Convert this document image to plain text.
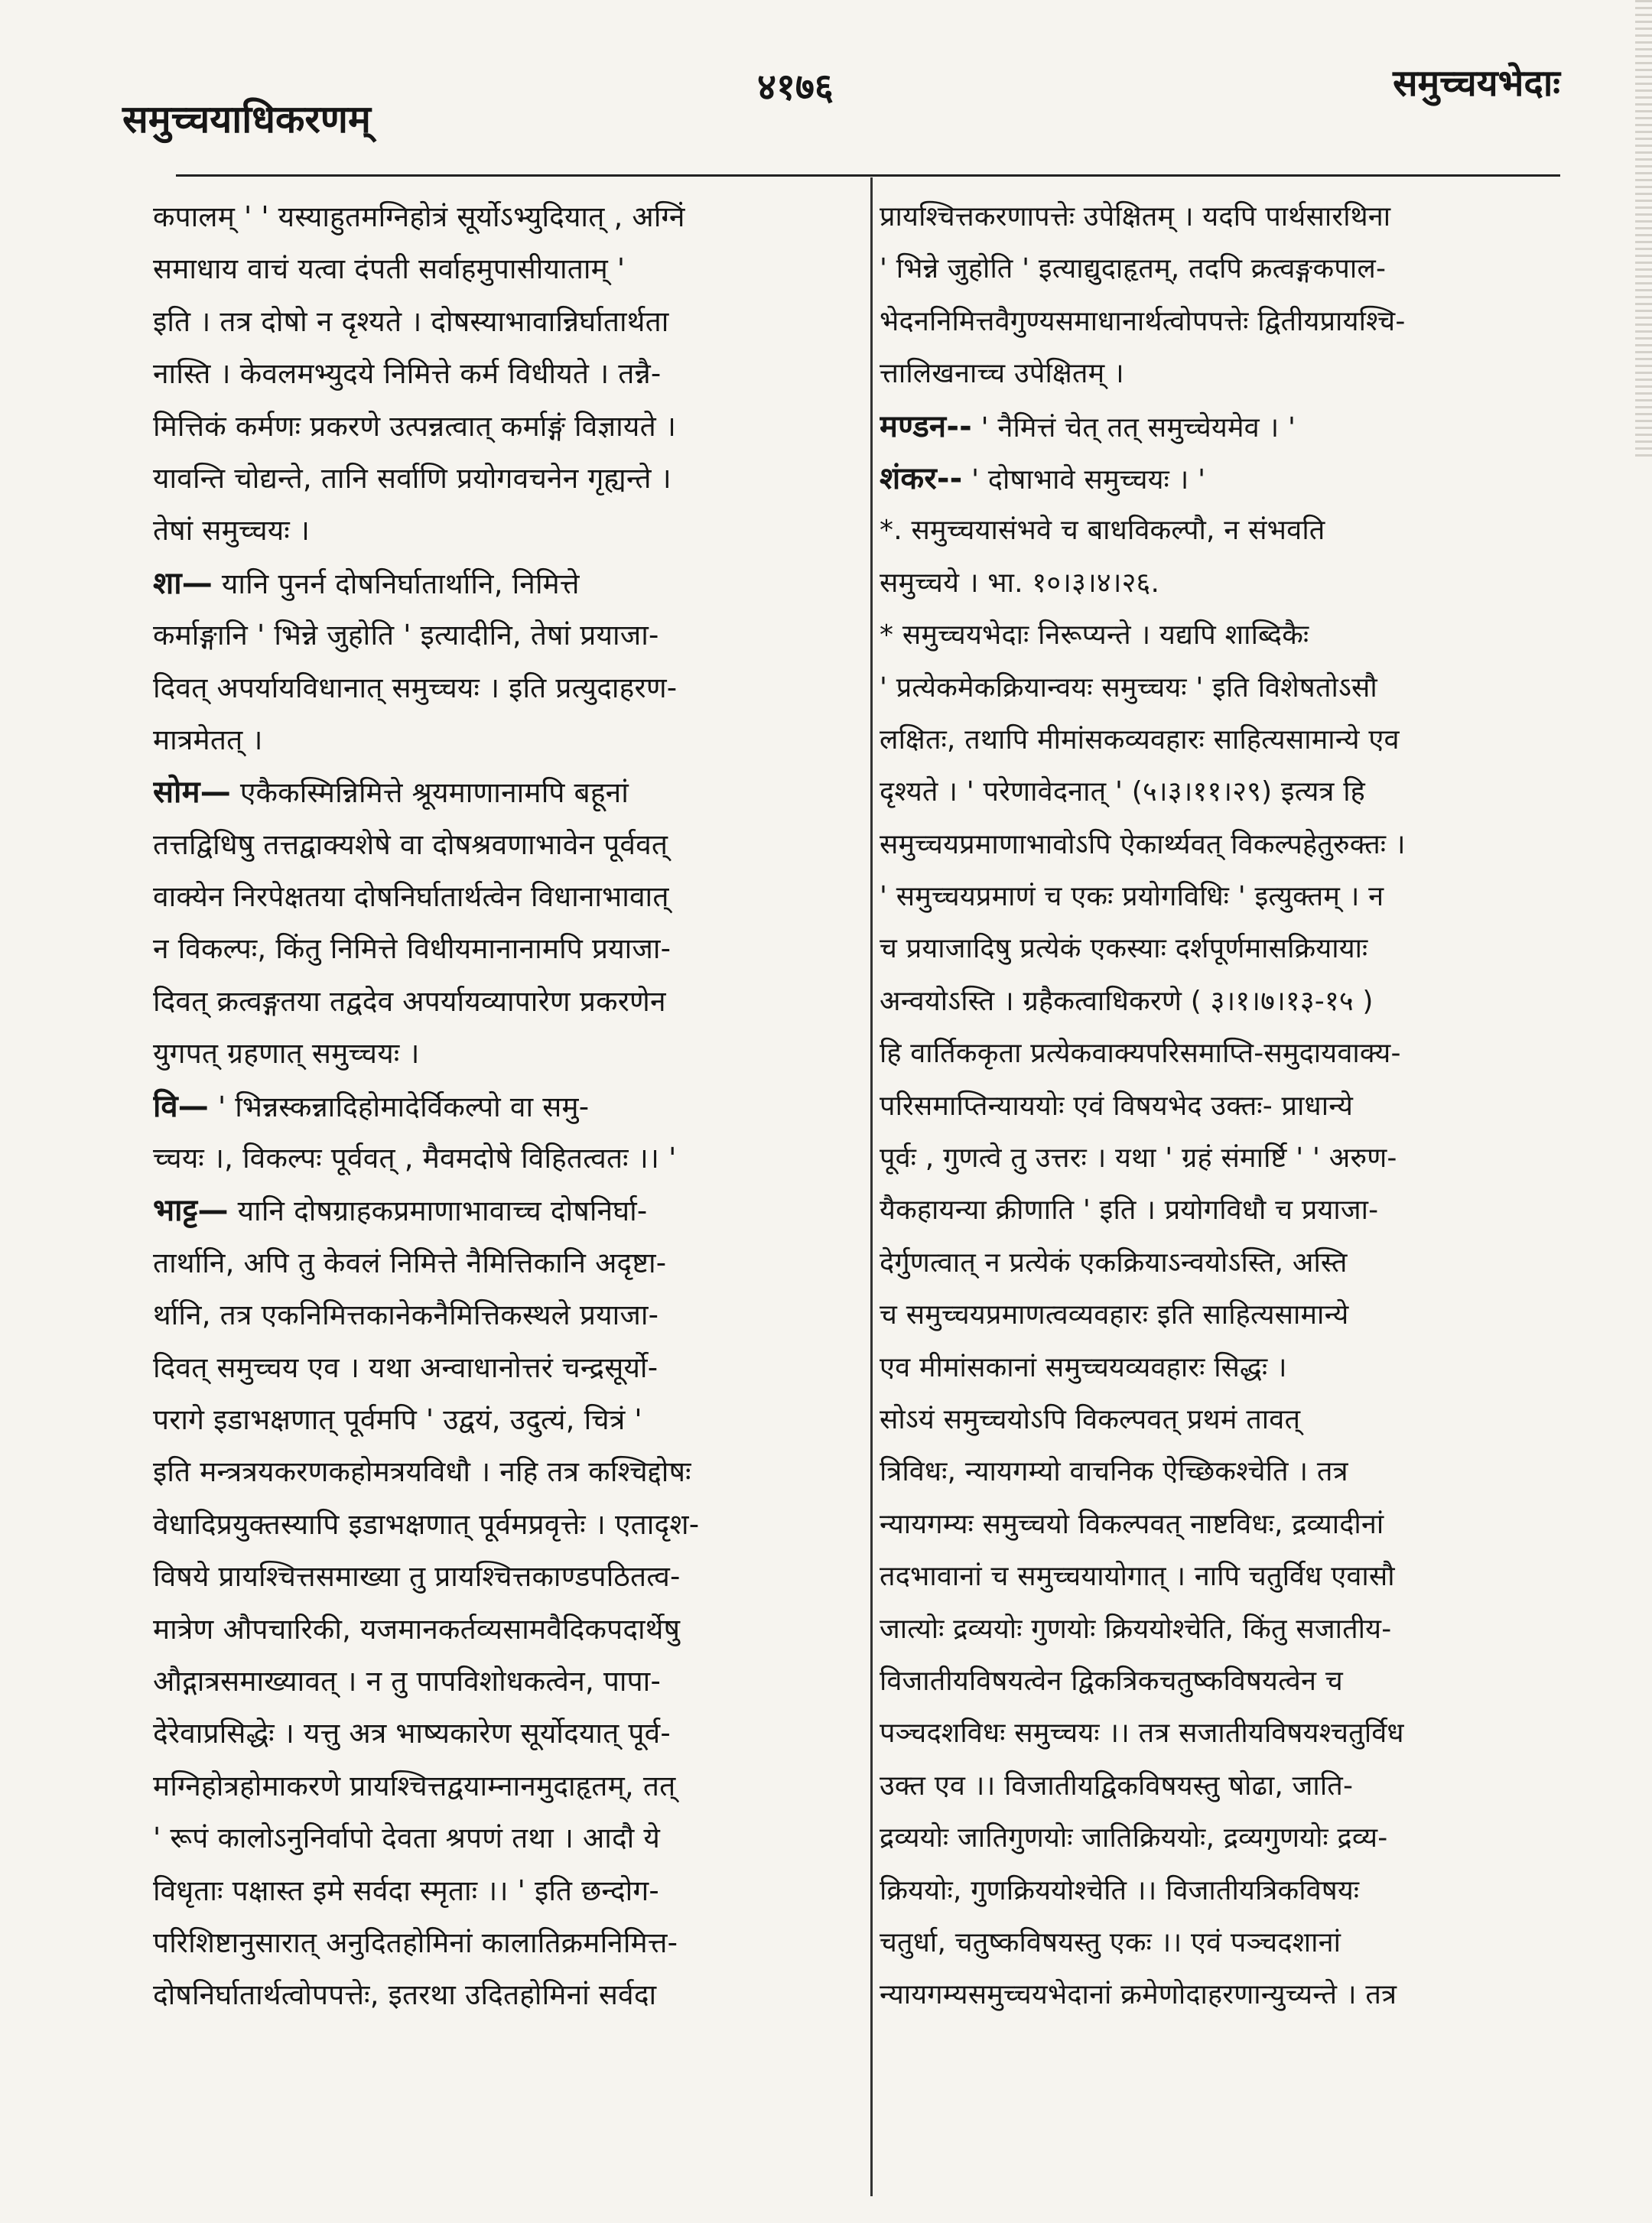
समुच्चयाधिकरणम्
४१७६	समुच्चयभेदाः
कपालम् ' ' यस्याहुतमग्निहोत्रं सूर्योऽभ्युदियात् , अग्निं
समाधाय वाचं यत्वा दंपती सर्वाहमुपासीयाताम् '
इति । तत्र दोषो न दृश्यते । दोषस्याभावान्निर्घातार्थता
नास्ति । केवलमभ्युदये निमित्ते कर्म विधीयते । तन्नै-
मित्तिकं कर्मणः प्रकरणे उत्पन्नत्वात् कर्माङ्गं विज्ञायते ।
यावन्ति चोद्यन्ते, तानि सर्वाणि प्रयोगवचनेन गृह्यन्ते ।
तेषां समुच्चयः ।
शा— यानि पुनर्न दोषनिर्घातार्थानि, निमित्ते
कर्माङ्गानि ' भिन्ने जुहोति ' इत्यादीनि, तेषां प्रयाजा-
दिवत् अपर्यायविधानात् समुच्चयः । इति प्रत्युदाहरण-
मात्रमेतत् ।
सोम— एकैकस्मिन्निमित्ते श्रूयमाणानामपि बहूनां
तत्तद्विधिषु तत्तद्वाक्यशेषे वा दोषश्रवणाभावेन पूर्ववत्
वाक्येन निरपेक्षतया दोषनिर्घातार्थत्वेन विधानाभावात्
न विकल्पः, किंतु निमित्ते विधीयमानानामपि प्रयाजा-
दिवत् क्रत्वङ्गतया तद्वदेव अपर्यायव्यापारेण प्रकरणेन
युगपत् ग्रहणात् समुच्चयः ।
वि— ' भिन्नस्कन्नादिहोमादेर्विकल्पो वा समु-
च्चयः ।, विकल्पः पूर्ववत् , मैवमदोषे विहितत्वतः ।। '
भाट्ट— यानि दोषग्राहकप्रमाणाभावाच्च दोषनिर्घा-
तार्थानि, अपि तु केवलं निमित्ते नैमित्तिकानि अदृष्टा-
र्थानि, तत्र एकनिमित्तकानेकनैमित्तिकस्थले प्रयाजा-
दिवत् समुच्चय एव । यथा अन्वाधानोत्तरं चन्द्रसूर्यो-
परागे इडाभक्षणात् पूर्वमपि ' उद्वयं, उदुत्यं, चित्रं '
इति मन्त्रत्रयकरणकहोमत्रयविधौ । नहि तत्र कश्चिद्दोषः
वेधादिप्रयुक्तस्यापि इडाभक्षणात् पूर्वमप्रवृत्तेः । एतादृश-
विषये प्रायश्चित्तसमाख्या तु प्रायश्चित्तकाण्डपठितत्व-
मात्रेण औपचारिकी, यजमानकर्तव्यसामवैदिकपदार्थेषु
औद्गात्रसमाख्यावत् । न तु पापविशोधकत्वेन, पापा-
देरेवाप्रसिद्धेः । यत्तु अत्र भाष्यकारेण सूर्योदयात् पूर्व-
मग्निहोत्रहोमाकरणे प्रायश्चित्तद्वयाम्नानमुदाहृतम्, तत्
' रूपं कालोऽनुनिर्वापो देवता श्रपणं तथा । आदौ ये
विधृताः पक्षास्त इमे सर्वदा स्मृताः ।। ' इति छन्दोग-
परिशिष्टानुसारात् अनुदितहोमिनां कालातिक्रमनिमित्त-
दोषनिर्घातार्थत्वोपपत्तेः, इतरथा उदितहोमिनां सर्वदा
प्रायश्चित्तकरणापत्तेः उपेक्षितम् । यदपि पार्थसारथिना
' भिन्ने जुहोति ' इत्याद्युदाहृतम्, तदपि क्रत्वङ्गकपाल-
भेदननिमित्तवैगुण्यसमाधानार्थत्वोपपत्तेः द्वितीयप्रायश्चि-
त्तालिखनाच्च उपेक्षितम् ।
मण्डन-- ' नैमित्तं चेत् तत् समुच्चेयमेव । '
शंकर-- ' दोषाभावे समुच्चयः । '
*. समुच्चयासंभवे च बाधविकल्पौ, न संभवति
समुच्चये । भा. १०।३।४।२६.
* समुच्चयभेदाः निरूप्यन्ते । यद्यपि शाब्दिकैः
' प्रत्येकमेकक्रियान्वयः समुच्चयः ' इति विशेषतोऽसौ
लक्षितः, तथापि मीमांसकव्यवहारः साहित्यसामान्ये एव
दृश्यते । ' परेणावेदनात् ' (५।३।११।२९) इत्यत्र हि
समुच्चयप्रमाणाभावोऽपि ऐकार्थ्यवत् विकल्पहेतुरुक्तः ।
' समुच्चयप्रमाणं च एकः प्रयोगविधिः ' इत्युक्तम् । न
च प्रयाजादिषु प्रत्येकं एकस्याः दर्शपूर्णमासक्रियायाः
अन्वयोऽस्ति । ग्रहैकत्वाधिकरणे ( ३।१।७।१३-१५ )
हि वार्तिककृता प्रत्येकवाक्यपरिसमाप्ति-समुदायवाक्य-
परिसमाप्तिन्याययोः एवं विषयभेद उक्तः- प्राधान्ये
पूर्वः , गुणत्वे तु उत्तरः । यथा ' ग्रहं संमार्ष्टि ' ' अरुण-
यैकहायन्या क्रीणाति ' इति । प्रयोगविधौ च प्रयाजा-
देर्गुणत्वात् न प्रत्येकं एकक्रियाऽन्वयोऽस्ति, अस्ति
च समुच्चयप्रमाणत्वव्यवहारः इति साहित्यसामान्ये
एव मीमांसकानां समुच्चयव्यवहारः सिद्धः ।
सोऽयं समुच्चयोऽपि विकल्पवत् प्रथमं तावत्
त्रिविधः, न्यायगम्यो वाचनिक ऐच्छिकश्चेति । तत्र
न्यायगम्यः समुच्चयो विकल्पवत् नाष्टविधः, द्रव्यादीनां
तदभावानां च समुच्चयायोगात् । नापि चतुर्विध एवासौ
जात्योः द्रव्ययोः गुणयोः क्रिययोश्चेति, किंतु सजातीय-
विजातीयविषयत्वेन द्विकत्रिकचतुष्कविषयत्वेन च
पञ्चदशविधः समुच्चयः ।। तत्र सजातीयविषयश्चतुर्विध
उक्त एव ।। विजातीयद्विकविषयस्तु षोढा, जाति-
द्रव्ययोः जातिगुणयोः जातिक्रिययोः, द्रव्यगुणयोः द्रव्य-
क्रिययोः, गुणक्रिययोश्चेति ।। विजातीयत्रिकविषयः
चतुर्धा, चतुष्कविषयस्तु एकः ।। एवं पञ्चदशानां
न्यायगम्यसमुच्चयभेदानां क्रमेणोदाहरणान्युच्यन्ते । तत्र
